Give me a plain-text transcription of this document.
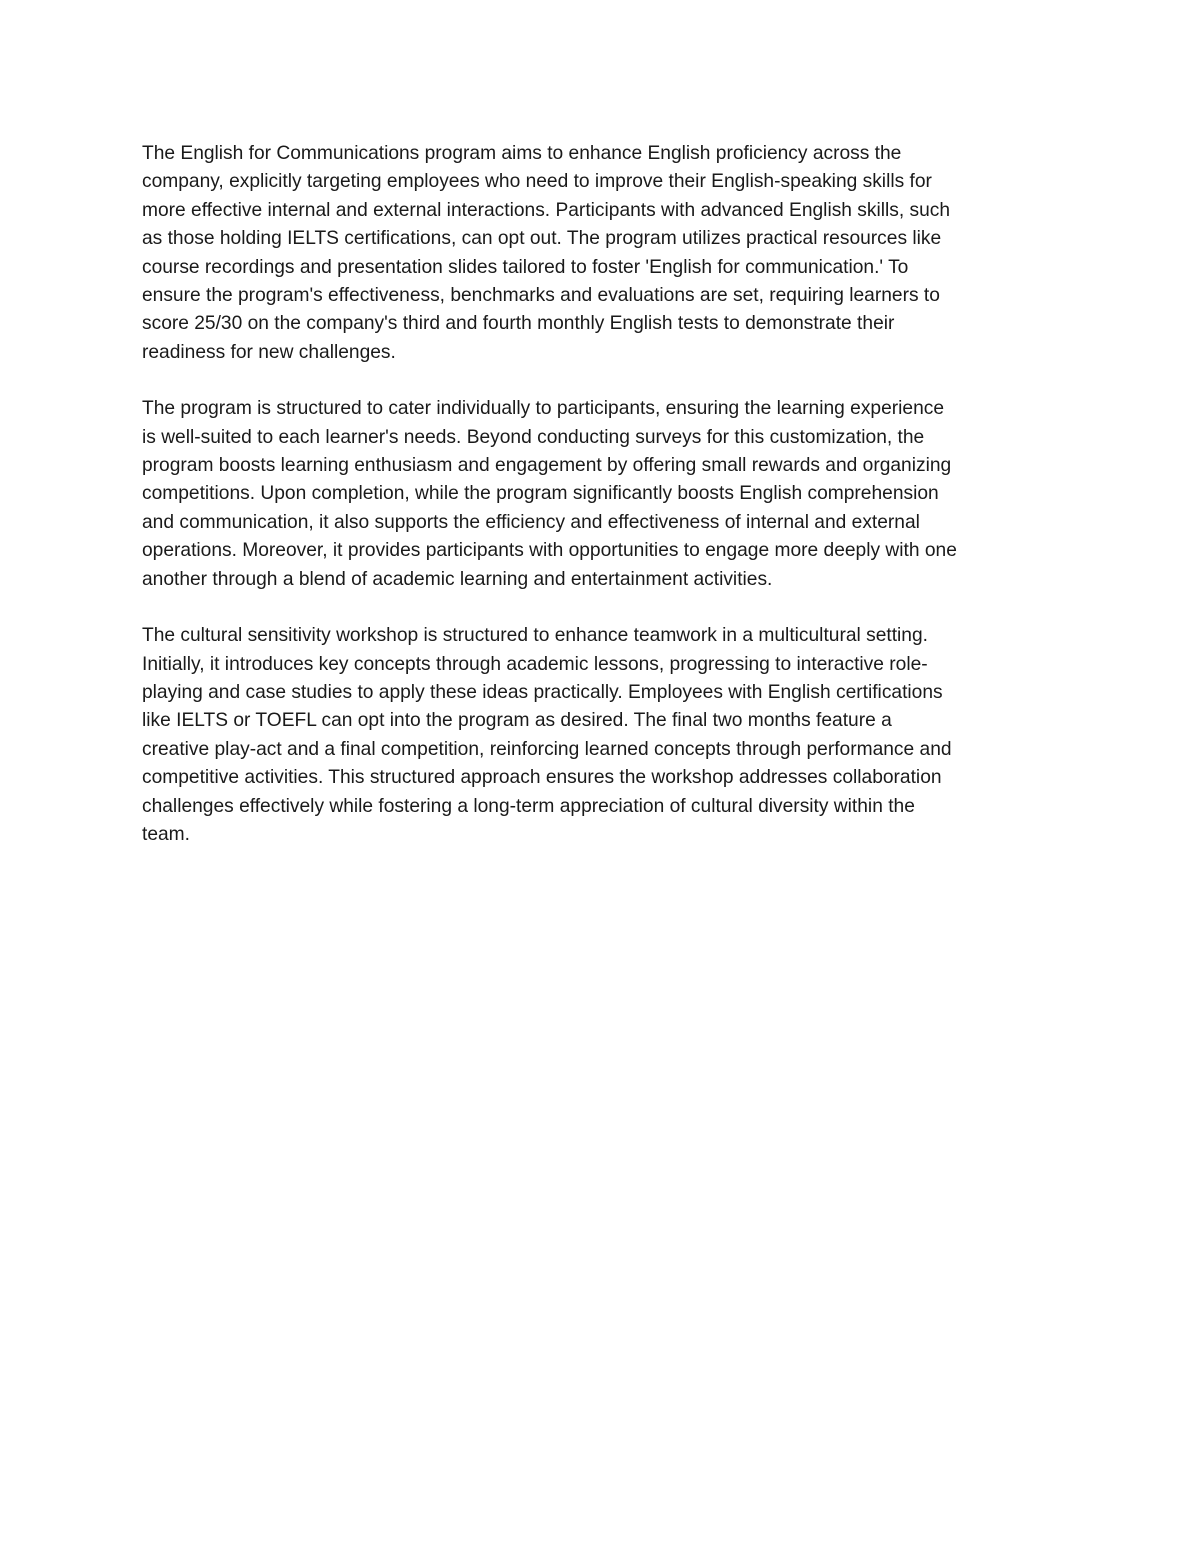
The English for Communications program aims to enhance English proficiency across the
company, explicitly targeting employees who need to improve their English-speaking skills for
more effective internal and external interactions. Participants with advanced English skills, such
as those holding IELTS certifications, can opt out. The program utilizes practical resources like
course recordings and presentation slides tailored to foster 'English for communication.' To
ensure the program's effectiveness, benchmarks and evaluations are set, requiring learners to
score 25/30 on the company's third and fourth monthly English tests to demonstrate their
readiness for new challenges.

The program is structured to cater individually to participants, ensuring the learning experience
is well-suited to each learner's needs. Beyond conducting surveys for this customization, the
program boosts learning enthusiasm and engagement by offering small rewards and organizing
competitions. Upon completion, while the program significantly boosts English comprehension
and communication, it also supports the efficiency and effectiveness of internal and external
operations. Moreover, it provides participants with opportunities to engage more deeply with one
another through a blend of academic learning and entertainment activities.

The cultural sensitivity workshop is structured to enhance teamwork in a multicultural setting.
Initially, it introduces key concepts through academic lessons, progressing to interactive role-
playing and case studies to apply these ideas practically. Employees with English certifications
like IELTS or TOEFL can opt into the program as desired. The final two months feature a
creative play-act and a final competition, reinforcing learned concepts through performance and
competitive activities. This structured approach ensures the workshop addresses collaboration
challenges effectively while fostering a long-term appreciation of cultural diversity within the
team.
